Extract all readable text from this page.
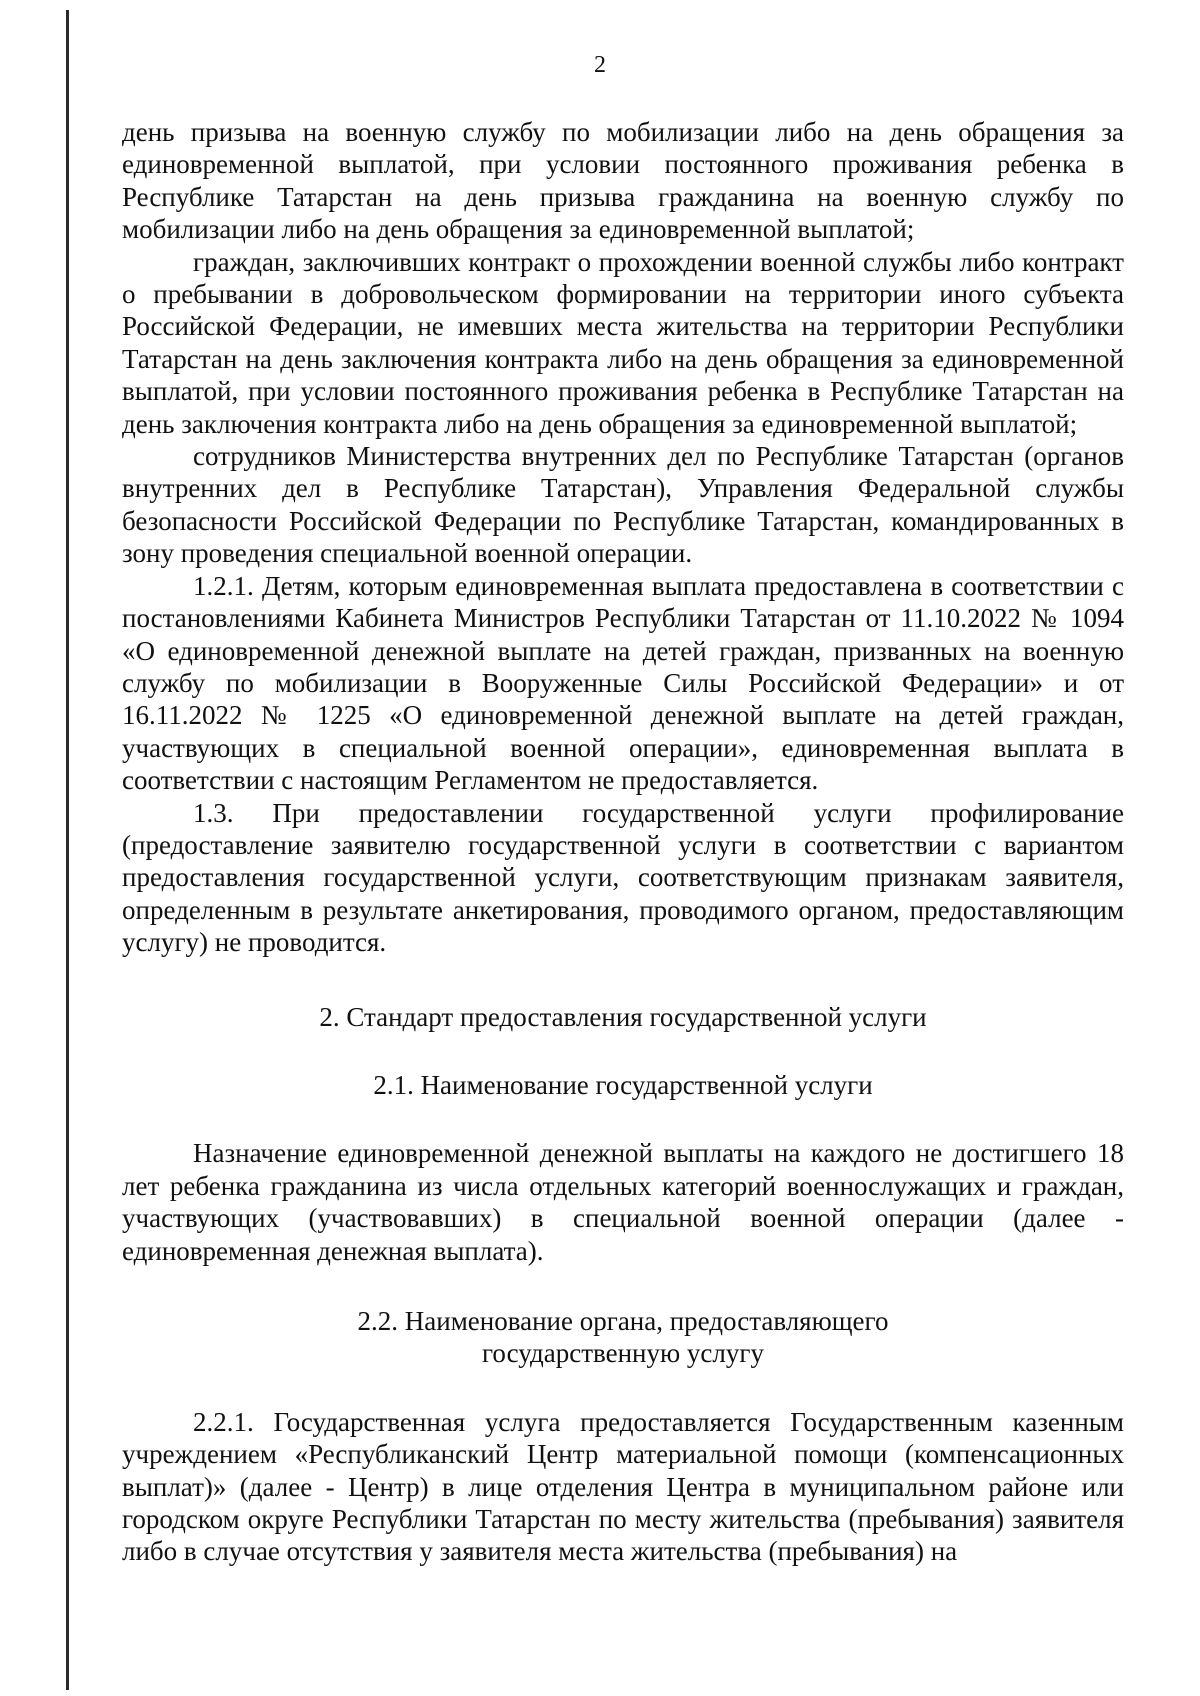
2

день призыва на военную службу по мобилизации либо на день обращения за единовременной выплатой, при условии постоянного проживания ребенка в Республике Татарстан на день призыва гражданина на военную службу по мобилизации либо на день обращения за единовременной выплатой;

граждан, заключивших контракт о прохождении военной службы либо контракт о пребывании в добровольческом формировании на территории иного субъекта Российской Федерации, не имевших места жительства на территории Республики Татарстан на день заключения контракта либо на день обращения за единовременной выплатой, при условии постоянного проживания ребенка в Республике Татарстан на день заключения контракта либо на день обращения за единовременной выплатой;

сотрудников Министерства внутренних дел по Республике Татарстан (органов внутренних дел в Республике Татарстан), Управления Федеральной службы безопасности Российской Федерации по Республике Татарстан, командированных в зону проведения специальной военной операции.

1.2.1. Детям, которым единовременная выплата предоставлена в соответствии с постановлениями Кабинета Министров Республики Татарстан от 11.10.2022 № 1094 «О единовременной денежной выплате на детей граждан, призванных на военную службу по мобилизации в Вооруженные Силы Российской Федерации» и от 16.11.2022 № 1225 «О единовременной денежной выплате на детей граждан, участвующих в специальной военной операции», единовременная выплата в соответствии с настоящим Регламентом не предоставляется.

1.3. При предоставлении государственной услуги профилирование (предоставление заявителю государственной услуги в соответствии с вариантом предоставления государственной услуги, соответствующим признакам заявителя, определенным в результате анкетирования, проводимого органом, предоставляющим услугу) не проводится.

2. Стандарт предоставления государственной услуги

2.1. Наименование государственной услуги

Назначение единовременной денежной выплаты на каждого не достигшего 18 лет ребенка гражданина из числа отдельных категорий военнослужащих и граждан, участвующих (участвовавших) в специальной военной операции (далее - единовременная денежная выплата).

2.2. Наименование органа, предоставляющего
государственную услугу

2.2.1. Государственная услуга предоставляется Государственным казенным учреждением «Республиканский Центр материальной помощи (компенсационных выплат)» (далее - Центр) в лице отделения Центра в муниципальном районе или городском округе Республики Татарстан по месту жительства (пребывания) заявителя либо в случае отсутствия у заявителя места жительства (пребывания) на
